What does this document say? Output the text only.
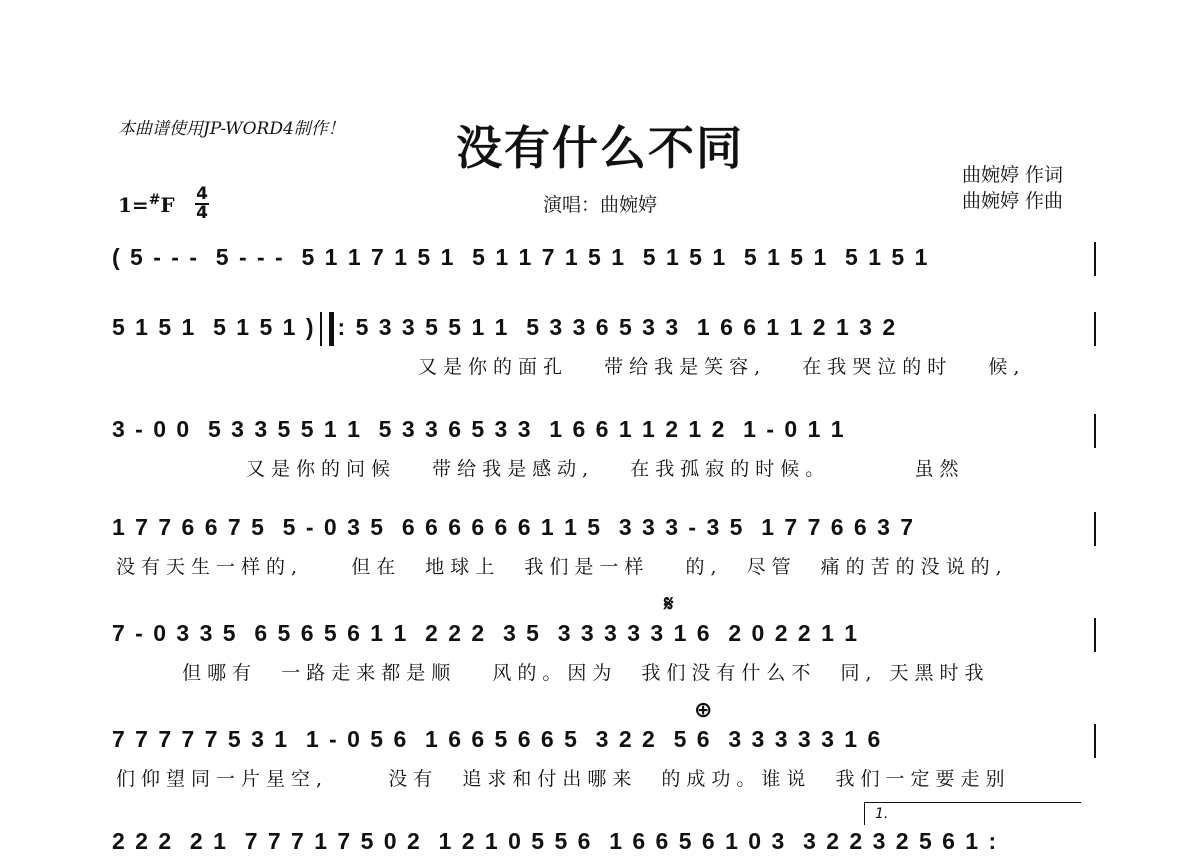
本曲谱使用JP-WORD4制作！	没有什么不同
1=#F 4
4	演唱：曲婉婷
曲婉婷 作词
曲婉婷 作曲
( 5 - - -  5 - - -  5 1 1 7 1 5 1  5 1 1 7 1 5 1  5 1 5 1  5 1 5 1  5 1 5 1
5 1 5 1  5 1 5 1 ) : 5 3 3 5 5 1 1  5 3 3 6 5 3 3  1 6 6 1 1 2 1 3 2
又是你的面孔   带给我是笑容,   在我哭泣的时   候,
3 - 0 0  5 3 3 5 5 1 1  5 3 3 6 5 3 3  1 6 6 1 1 2 1 2  1 - 0 1 1
又是你的问候   带给我是感动,   在我孤寂的时候。       虽然
1 7 7 6 6 7 5  5 - 0 3 5  6 6 6 6 6 6 1 1 5  3 3 3 - 3 5  1 7 7 6 6 3 7
没有天生一样的,    但在  地球上  我们是一样   的,  尽管  痛的苦的没说的,
𝄋
7 - 0 3 3 5  6 5 6 5 6 1 1  2 2 2  3 5  3 3 3 3 3 1 6  2 0 2 2 1 1
但哪有  一路走来都是顺   风的。因为  我们没有什么不  同, 天黑时我
⊕
7 7 7 7 7 5 3 1  1 - 0 5 6  1 6 6 5 6 6 5  3 2 2  5 6  3 3 3 3 3 1 6
们仰望同一片星空,     没有  追求和付出哪来  的成功。谁说  我们一定要走别
1.
2 2 2  2 1  7 7 7 1 7 5 0 2  1 2 1 0 5 5 6  1 6 6 5 6 1 0 3  3 2 2 3 2 5 6 1 :
